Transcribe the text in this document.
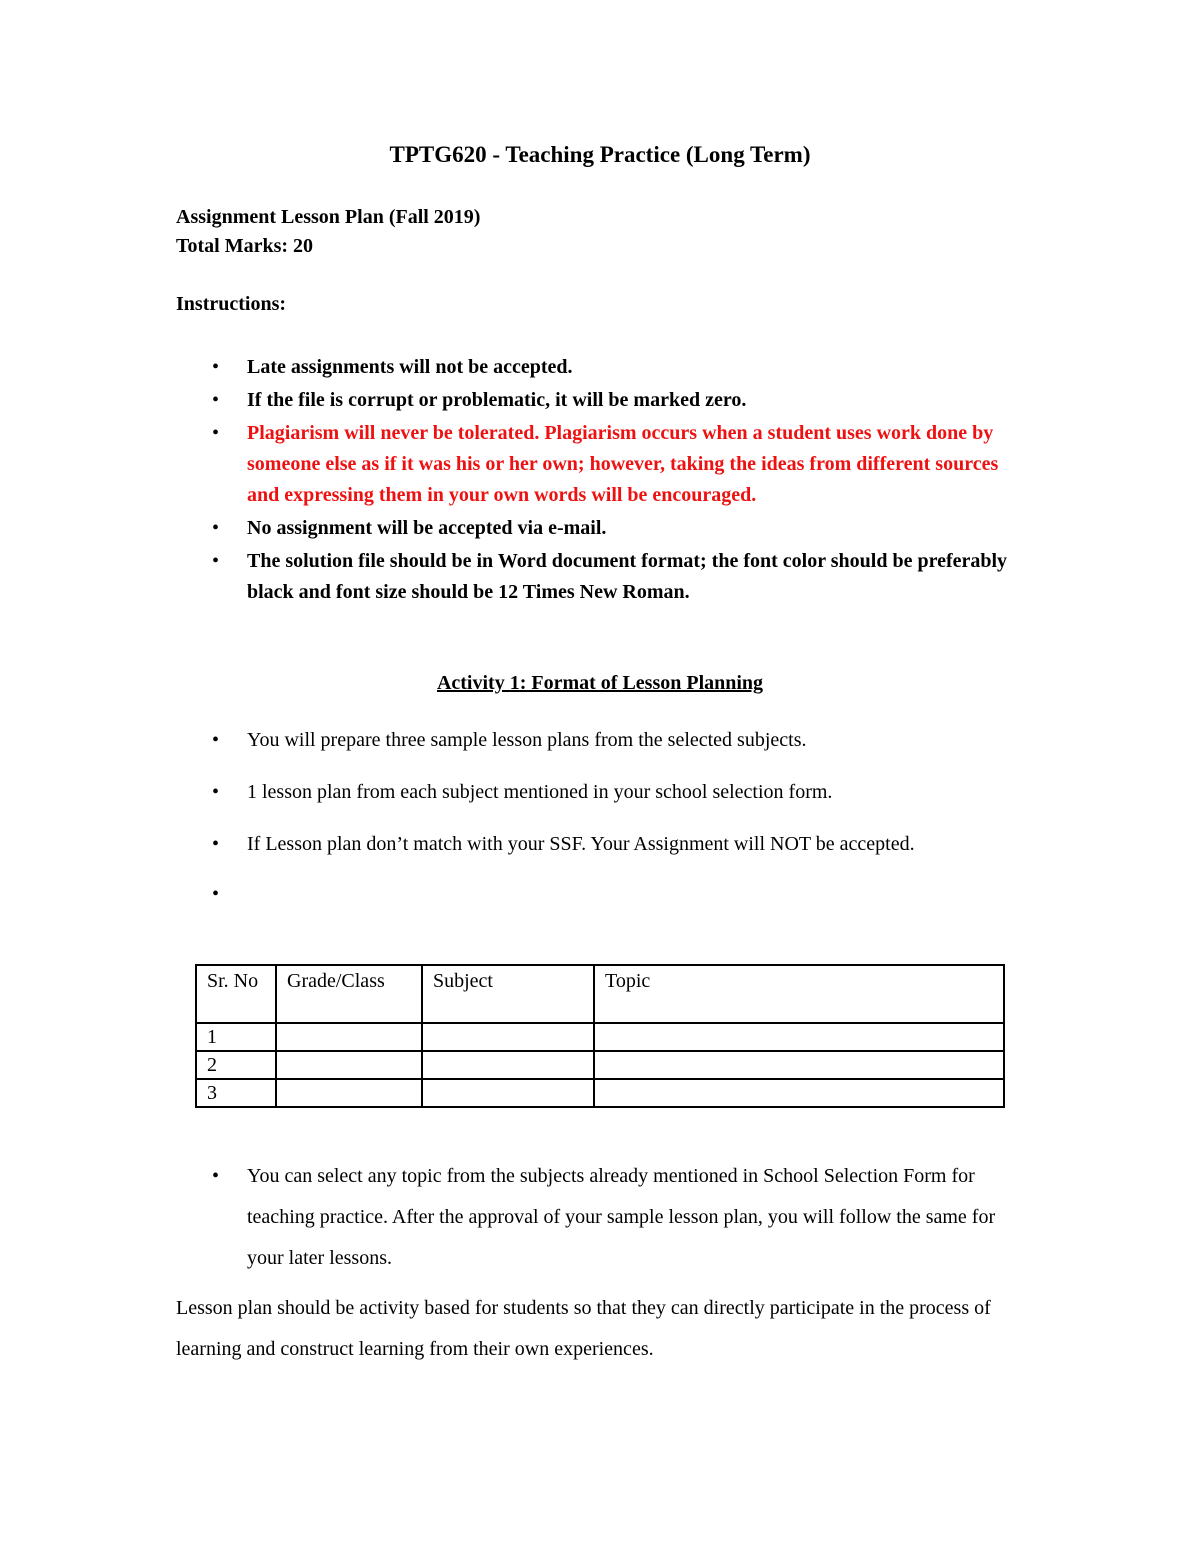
TPTG620 - Teaching Practice (Long Term)
Assignment Lesson Plan (Fall 2019)
Total Marks: 20
Instructions:
• Late assignments will not be accepted.
• If the file is corrupt or problematic, it will be marked zero.
• Plagiarism will never be tolerated. Plagiarism occurs when a student uses work done by someone else as if it was his or her own; however, taking the ideas from different sources and expressing them in your own words will be encouraged.
• No assignment will be accepted via e-mail.
• The solution file should be in Word document format; the font color should be preferably black and font size should be 12 Times New Roman.
Activity 1: Format of Lesson Planning
• You will prepare three sample lesson plans from the selected subjects.
• 1 lesson plan from each subject mentioned in your school selection form.
• If Lesson plan don’t match with your SSF. Your Assignment will NOT be accepted.
•
Sr. No	Grade/Class	Subject	Topic
1			
2			
3			
• You can select any topic from the subjects already mentioned in School Selection Form for teaching practice. After the approval of your sample lesson plan, you will follow the same for your later lessons.

Lesson plan should be activity based for students so that they can directly participate in the process of learning and construct learning from their own experiences.
